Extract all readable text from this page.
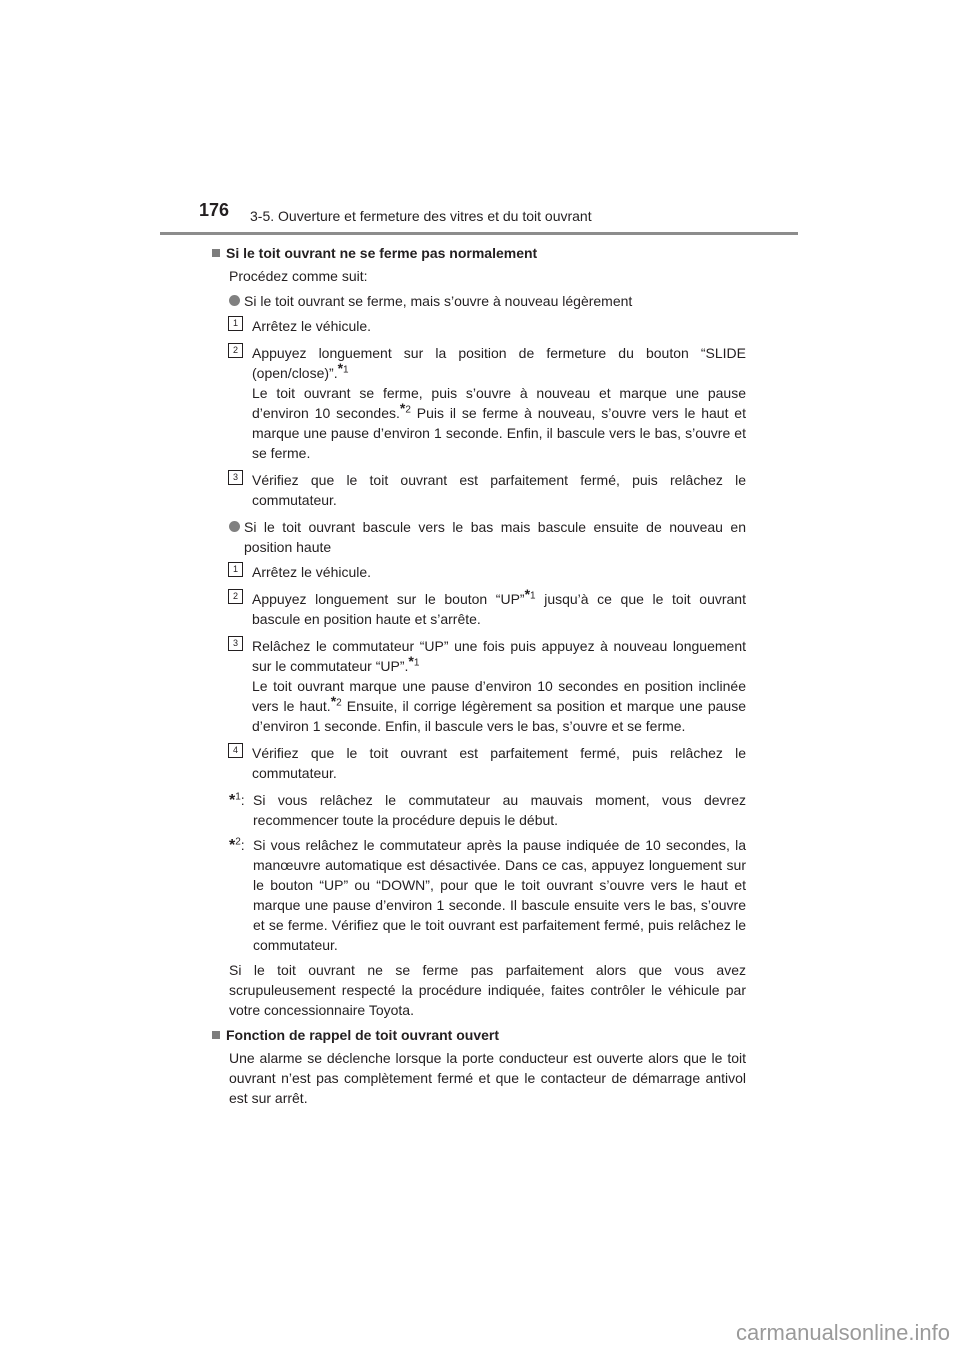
176 3-5. Ouverture et fermeture des vitres et du toit ouvrant
Si le toit ouvrant ne se ferme pas normalement
Procédez comme suit:
Si le toit ouvrant se ferme, mais s’ouvre à nouveau légèrement
1	Arrêtez le véhicule.
2	Appuyez longuement sur la position de fermeture du bouton “SLIDE (open/close)”.*$^1$
Le toit ouvrant se ferme, puis s’ouvre à nouveau et marque une pause d’environ 10 secondes.*$^2$ Puis il se ferme à nouveau, s’ouvre vers le haut et marque une pause d’environ 1 seconde. Enfin, il bascule vers le bas, s’ouvre et se ferme.
3	Vérifiez que le toit ouvrant est parfaitement fermé, puis relâchez le commutateur.
Si le toit ouvrant bascule vers le bas mais bascule ensuite de nouveau en position haute
1	Arrêtez le véhicule.
2	Appuyez longuement sur le bouton “UP”*$^1$ jusqu’à ce que le toit ouvrant bascule en position haute et s’arrête.
3	Relâchez le commutateur “UP” une fois puis appuyez à nouveau longuement sur le commutateur “UP”.*$^1$
Le toit ouvrant marque une pause d’environ 10 secondes en position inclinée vers le haut.*$^2$ Ensuite, il corrige légèrement sa position et marque une pause d’environ 1 seconde. Enfin, il bascule vers le bas, s’ouvre et se ferme.
4	Vérifiez que le toit ouvrant est parfaitement fermé, puis relâchez le commutateur.
*$^1$: Si vous relâchez le commutateur au mauvais moment, vous devrez recommencer toute la procédure depuis le début.
*$^2$: Si vous relâchez le commutateur après la pause indiquée de 10 secondes, la manœuvre automatique est désactivée. Dans ce cas, appuyez longuement sur le bouton “UP” ou “DOWN”, pour que le toit ouvrant s’ouvre vers le haut et marque une pause d’environ 1 seconde. Il bascule ensuite vers le bas, s’ouvre et se ferme. Vérifiez que le toit ouvrant est parfaitement fermé, puis relâchez le commutateur.
Si le toit ouvrant ne se ferme pas parfaitement alors que vous avez scrupuleusement respecté la procédure indiquée, faites contrôler le véhicule par votre concessionnaire Toyota.
Fonction de rappel de toit ouvrant ouvert
Une alarme se déclenche lorsque la porte conducteur est ouverte alors que le toit ouvrant n’est pas complètement fermé et que le contacteur de démarrage antivol est sur arrêt.
carmanualsonline.info
